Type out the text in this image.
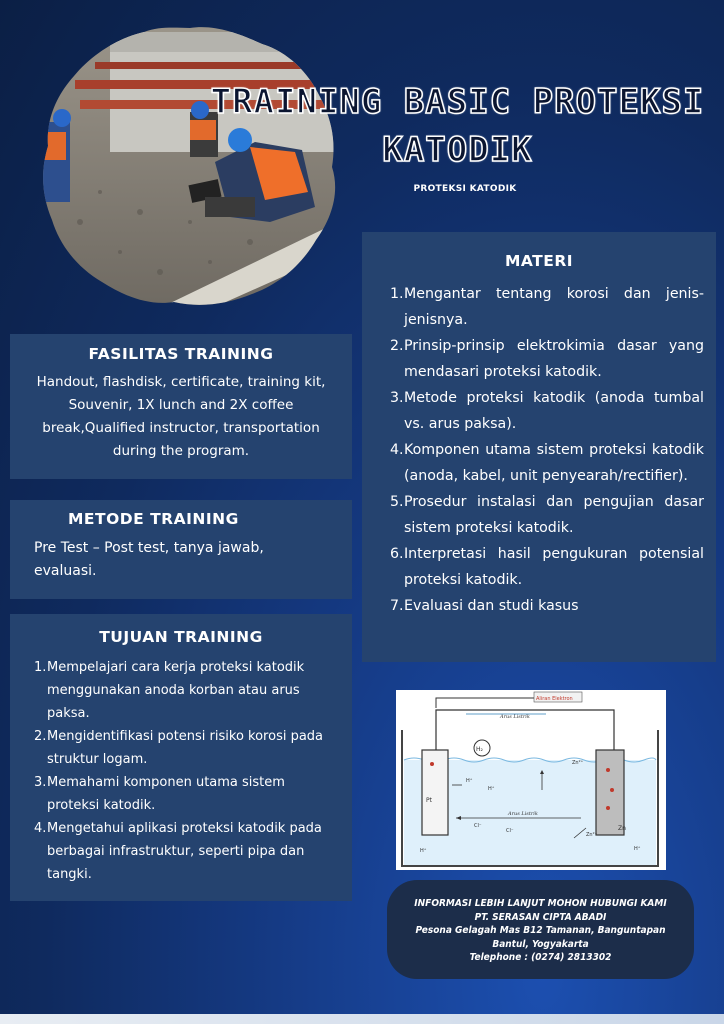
TRAINING BASIC PROTEKSI KATODIK
PROTEKSI KATODIK
FASILITAS TRAINING
Handout, flashdisk, certificate, training kit, Souvenir, 1X lunch and 2X coffee break,Qualified instructor, transportation during the program.
METODE TRAINING
Pre Test – Post test, tanya jawab, evaluasi.
TUJUAN TRAINING
1. Mempelajari cara kerja proteksi katodik menggunakan anoda korban atau arus paksa.
2. Mengidentifikasi potensi risiko korosi pada struktur logam.
3. Memahami komponen utama sistem proteksi katodik.
4. Mengetahui aplikasi proteksi katodik pada berbagai infrastruktur, seperti pipa dan tangki.
MATERI
1. Mengantar tentang korosi dan jenis-jenisnya.
2. Prinsip-prinsip elektrokimia dasar yang mendasari proteksi katodik.
3. Metode proteksi katodik (anoda tumbal vs. arus paksa).
4. Komponen utama sistem proteksi katodik (anoda, kabel, unit penyearah/rectifier).
5. Prosedur instalasi dan pengujian dasar sistem proteksi katodik.
6. Interpretasi hasil pengukuran potensial proteksi katodik.
7. Evaluasi dan studi kasus
Aliran Elektron
Arus Listrik
Pt
Zn
H₂
H⁺
H⁺
H⁺	H⁺
Zn²⁺
Zn²⁺
Cl⁻
Cl⁻
Arus Listrik
INFORMASI LEBIH LANJUT MOHON HUBUNGI KAMI
PT. SERASAN CIPTA ABADI
Pesona Gelagah Mas B12 Tamanan, Banguntapan
Bantul, Yogyakarta
Telephone : (0274) 2813302
